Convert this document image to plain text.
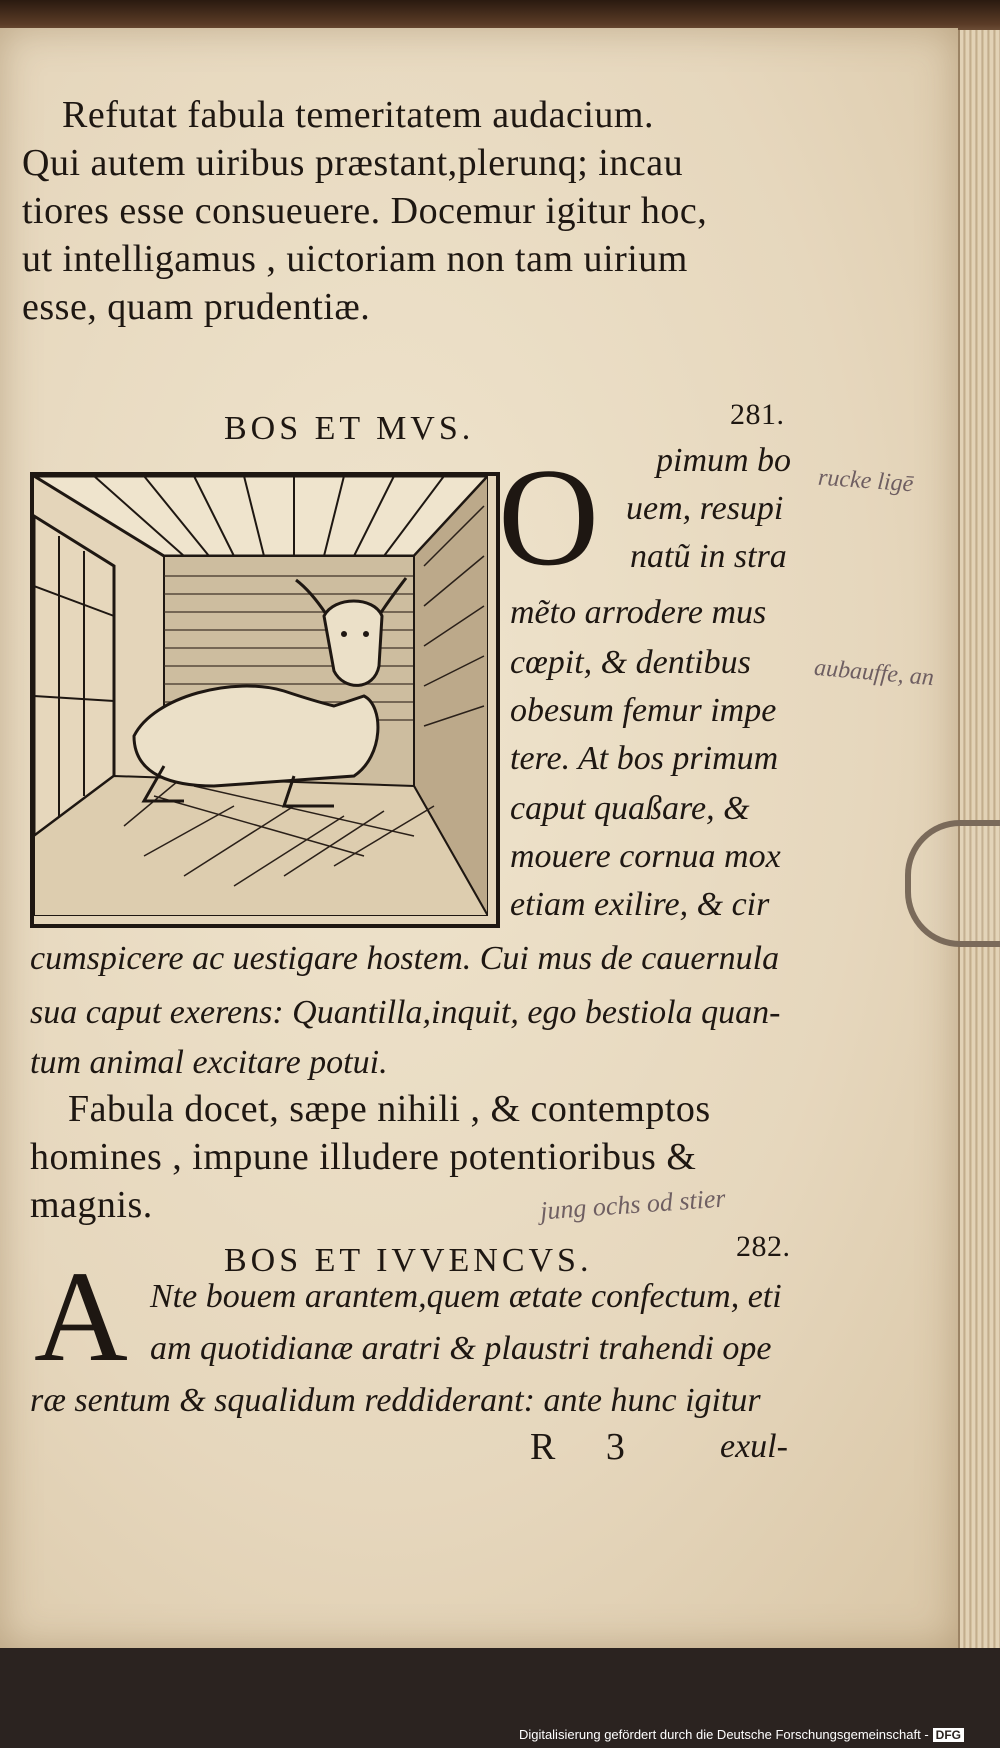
Refutat fabula temeritatem audacium.
Qui autem uiribus præstant,plerunq; incau
tiores esse consueuere. Docemur igitur hoc,
ut intelligamus , uictoriam non tam uirium
esse, quam prudentiæ.
BOS ET MVS.	281.
O pimum bo
uem, resupi
natũ in stra
mẽto arrodere mus
cœpit, & dentibus
obesum femur impe
tere. At bos primum
caput quaßare, &
mouere cornua mox
etiam exilire, & cir
cumspicere ac uestigare hostem. Cui mus de cauernula
sua caput exerens: Quantilla,inquit, ego bestiola quan-
tum animal excitare potui.
Fabula docet, sæpe nihili , & contemptos
homines , impune illudere potentioribus &
magnis.
BOS ET IVVENCVS.	282.
A Nte bouem arantem,quem ætate confectum, eti
am quotidianæ aratri & plaustri trahendi ope
ræ sentum & squalidum reddiderant: ante hunc igitur
R 3	exul-
rucke ligē
aubauffe, an
jung ochs od stier
Digitalisierung gefördert durch die Deutsche Forschungsgemeinschaft - DFG
